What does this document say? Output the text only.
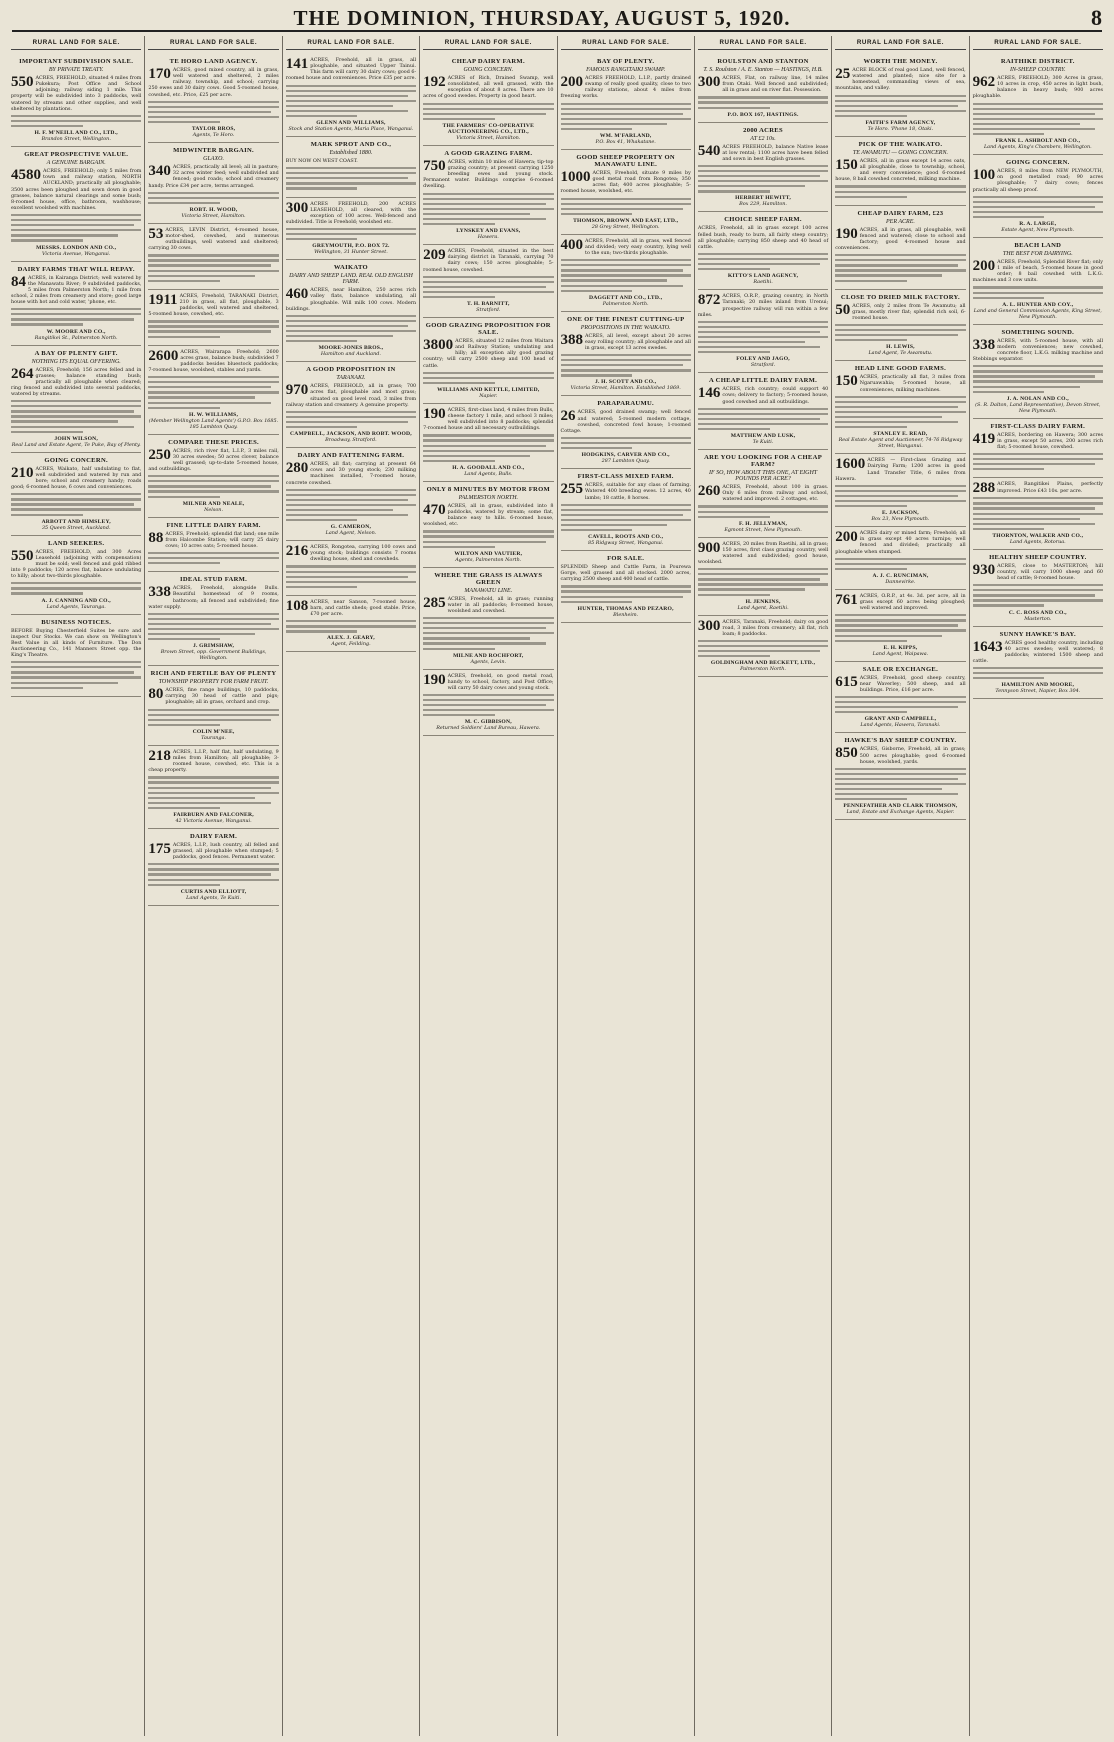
THE DOMINION, THURSDAY, AUGUST 5, 1920.	8
RURAL LAND FOR SALE.
IMPORTANT SUBDIVISION SALE.
BY PRIVATE TREATY.
550 ACRES, FREEHOLD, situated 4 miles from Pukekura; Post Office and School adjoining; railway siding 1 mile. This property will be subdivided into 3 paddocks, well watered by streams and other supplies, and well sheltered by plantations.
H. F. M'NEILL AND CO., LTD.,
Brandon Street, Wellington.
GREAT PROSPECTIVE VALUE.
A GENUINE BARGAIN.
4580 ACRES, FREEHOLD; only 5 miles from town and railway station, NORTH AUCKLAND; practically all ploughable; 3500 acres been ploughed and sown down in good grasses, balance natural clearings and some bush; 8-roomed house, office, bathroom, washhouse; excellent woolshed with machines.
MESSRS. LONDON AND CO.,
Victoria Avenue, Wanganui.
DAIRY FARMS THAT WILL REPAY.
84 ACRES, in Kairanga District; well watered by the Manawatu River; 9 subdivided paddocks, 5 miles from Palmerston North; 1 mile from school, 2 miles from creamery and store; good large house with hot and cold water, 'phone, etc.
W. MOORE AND CO.,
Rangitikei St., Palmerston North.
A BAY OF PLENTY GIFT.
NOTHING ITS EQUAL OFFERING.
264 ACRES, Freehold; 156 acres felled and in grasses; balance standing bush; practically all ploughable when cleared; ring fenced and subdivided into several paddocks, watered by streams.
JOHN WILSON,
Real Land and Estate Agent, Te Puke, Bay of Plenty.
GOING CONCERN.
210 ACRES, Waikato, half undulating to flat, well subdivided and watered by run and bore; school and creamery handy; roads good; 6-roomed house, 6 cows and conveniences.
ARBOTT AND HIMSLEY,
35 Queen Street, Auckland.
LAND SEEKERS.
550 ACRES, FREEHOLD, and 300 Acres Leasehold (adjoining with compensation) must be sold; well fenced and gold ribbed into 9 paddocks; 120 acres flat, balance undulating to hilly; about two-thirds ploughable.
A. J. CANNING AND CO.,
Land Agents, Tauranga.
BUSINESS NOTICES.
BEFORE Buying Chesterfield Suites be sure and inspect Our Stocks. We can show on Wellington's Best Value in all kinds of Furniture. The Don Auctioneering Co., 141 Manners Street opp. the King's Theatre.
RURAL LAND FOR SALE.
TE HORO LAND AGENCY.
170 ACRES, good mixed country, all in grass, well watered and sheltered, 2 miles railway, township, and school; carrying 250 ewes and 30 dairy cows. Good 5-roomed house, cowshed, etc. Price, £25 per acre.
TAYLOR BROS,
Agents, Te Horo.
MIDWINTER BARGAIN.
GLAXO.
340 ACRES, practically all level; all in pasture; 32 acres winter feed; well subdivided and fenced; good roads; school and creamery handy. Price £34 per acre, terms arranged.
ROBT. H. WOOD,
Victoria Street, Hamilton.
53 ACRES, LEVIN District, 4-roomed house, motor-shed, cowshed, and numerous outbuildings, well watered and sheltered; carrying 30 cows.
1911 ACRES, Freehold, TARANAKI District, 210 in grass, all flat, ploughable, 3 paddocks, well watered and sheltered, 5-roomed house, cowshed, etc.
2600 ACRES, Wairarapa Freehold; 2600 acres grass, balance bush; subdivided 7 paddocks besides bluestock paddocks; 7-roomed house, woolshed, stables and yards.
H. W. WILLIAMS,
(Member Wellington Land Agents') G.P.O. Box 1685. 185 Lambton Quay.
COMPARE THESE PRICES.
250 ACRES, rich river flat, L.I.P., 3 miles rail, 30 acres swedes; 50 acres clover, balance well grassed; up-to-date 5-roomed house, and outbuildings.
MILNER AND NEALE,
Nelson.
FINE LITTLE DAIRY FARM.
88 ACRES, Freehold; splendid flat land; one mile from Halcombe Station; will carry 25 dairy cows; 10 acres oats; 5-roomed house.
IDEAL STUD FARM.
338 ACRES, Freehold, alongside Bulls. Beautiful homestead of 9 rooms, bathroom; all fenced and subdivided; fine water supply.
J. GRIMSHAW,
Brown Street, opp. Government Buildings, Wellington.
RICH AND FERTILE BAY OF PLENTY
TOWNSHIP PROPERTY FOR FARM FRUIT.
80 ACRES, fine range buildings, 10 paddocks, carrying 30 head of cattle and pigs; ploughable; all in grass, orchard and crop.
COLIN M'NEE,
Tauranga.
218 ACRES, L.I.P., half flat, half undulating, 9 miles from Hamilton; all ploughable; 3-roomed house, cowshed, etc. This is a cheap property.
FAIRBURN AND FALCONER,
42 Victoria Avenue, Wanganui.
DAIRY FARM.
175 ACRES, L.I.P., lush country, all felled and grassed, all ploughable when stumped; 5 paddocks, good fences. Permanent water.
CURTIS AND ELLIOTT,
Land Agents, Te Kuiti.
RURAL LAND FOR SALE.
141 ACRES, Freehold, all in grass, all ploughable, and situated Upper Tainui. This farm will carry 30 dairy cows; good 6-roomed house and conveniences. Price £35 per acre.
GLENN AND WILLIAMS,
Stock and Station Agents, Maria Place, Wanganui.
MARK SPROT AND CO.,
Established 1880.
BUY NOW ON WEST COAST.
300 ACRES FREEHOLD, 200 ACRES LEASEHOLD, all cleared, with the exception of 100 acres. Well-fenced and subdivided. Title is Freehold; woolshed etc.
GREYMOUTH, P.O. BOX 72.
Wellington, 31 Hunter Street.
WAIKATO
DAIRY AND SHEEP LAND. REAL OLD ENGLISH FARM.
460 ACRES, near Hamilton, 250 acres rich valley flats, balance undulating, all ploughable. Will milk 100 cows. Modern buildings.
MOORE-JONES BROS.,
Hamilton and Auckland.
A GOOD PROPOSITION IN
TARANAKI.
970 ACRES, FREEHOLD, all in grass; 700 acres flat, ploughable and most grass; situated on good level road, 3 miles from railway station and creamery. A genuine property.
CAMPBELL, JACKSON, AND ROBT. WOOD,
Broadway, Stratford.
DAIRY AND FATTENING FARM.
280 ACRES, all flat; carrying at present 64 cows and 30 young stock; 230 milking machines installed, 7-roomed house, concrete cowshed.
G. CAMERON,
Land Agent, Nelson.
216 ACRES, Rongotea, carrying 100 cows and young stock; buildings consists 7 rooms dwelling house, shed and cowsheds.
108 ACRES, near Sanson, 7-roomed house, barn, and cattle sheds; good stable. Price, £70 per acre.
ALEX. J. GEARY,
Agent, Feilding.
RURAL LAND FOR SALE.
CHEAP DAIRY FARM.
GOING CONCERN.
192 ACRES of Rich, Drained Swamp, well consolidated, all well grassed, with the exception of about 8 acres. There are 10 acres of good swedes. Property in good heart.
THE FARMERS' CO-OPERATIVE AUCTIONEERING CO., LTD.,
Victoria Street, Hamilton.
A GOOD GRAZING FARM.
750 ACRES, within 10 miles of Hawera; tip-top grazing country; at present carrying 1250 breeding ewes and young stock. Permanent water. Buildings comprise 6-roomed dwelling.
LYNSKEY AND EVANS,
Hawera.
209 ACRES, Freehold, situated in the best dairying district in Taranaki, carrying 70 dairy cows; 150 acres ploughable; 5-roomed house, cowshed.
T. H. BARNITT,
Stratford.
GOOD GRAZING PROPOSITION FOR SALE.
3800 ACRES, situated 12 miles from Waitara and Railway Station; undulating and hilly; all exception ally good grazing country; will carry 2500 sheep and 100 head of cattle.
WILLIAMS AND KETTLE, LIMITED,
Napier.
190 ACRES, first-class land, 4 miles from Bulls, cheese factory 1 mile, and school 3 miles; well subdivided into 8 paddocks; splendid 7-roomed house and all necessary outbuildings.
H. A. GOODALL AND CO.,
Land Agents, Bulls.
ONLY 8 MINUTES BY MOTOR FROM
PALMERSTON NORTH.
470 ACRES, all in grass, subdivided into 8 paddocks, watered by stream; some flat, balance easy to hills. 6-roomed house, woolshed, etc.
WILTON AND VAUTIER,
Agents, Palmerston North.
WHERE THE GRASS IS ALWAYS GREEN
MANAWATU LINE.
285 ACRES, Freehold, all in grass; running water in all paddocks; 8-roomed house, woolshed and cowshed.
MILNE AND ROCHFORT,
Agents, Levin.
190 ACRES, freehold, on good metal road, handy to school, factory, and Post Office; will carry 50 dairy cows and young stock.
M. C. GIBBISON,
Returned Soldiers' Land Bureau, Hawera.
RURAL LAND FOR SALE.
BAY OF PLENTY.
FAMOUS RANGITAIKI SWAMP.
200 ACRES FREEHOLD, L.I.P., partly drained swamp of really good quality, close to two railway stations, about 4 miles from freezing works.
WM. M'FARLAND,
P.O. Box 41, Whakatane.
GOOD SHEEP PROPERTY ON MANAWATU LINE.
1000 ACRES, Freehold, situate 9 miles by good metal road from Rongotea; 350 acres flat; 400 acres ploughable; 5-roomed house, woolshed, etc.
THOMSON, BROWN AND EAST, LTD.,
28 Grey Street, Wellington.
400 ACRES, Freehold, all in grass, well fenced and divided; very easy country, lying well to the sun; two-thirds ploughable.
DAGGETT AND CO., LTD.,
Palmerston North.
ONE OF THE FINEST CUTTING-UP
PROPOSITIONS IN THE WAIKATO.
388 ACRES, all level, except about 20 acres easy rolling country; all ploughable and all in grass, except 13 acres swedes.
J. H. SCOTT AND CO.,
Victoria Street, Hamilton. Established 1869.
PARAPARAUMU.
26 ACRES, good drained swamp; well fenced and watered; 5-roomed modern cottage, cowshed, concreted fowl house; 1-roomed Cottage.
HODGKINS, CARVER AND CO.,
287 Lambton Quay.
FIRST-CLASS MIXED FARM.
255 ACRES, suitable for any class of farming. Watered 400 breeding ewes. 12 acres, 40 lambs; 18 cattle, 8 horses.
CAVELL, ROOTS AND CO.,
85 Ridgway Street, Wanganui.
FOR SALE.
SPLENDID Sheep and Cattle Farm, in Pourewa Gorge, well grassed and all stocked. 2000 acres, carrying 2500 sheep and 400 head of cattle.
HUNTER, THOMAS AND PEZARO,
Blenheim.
RURAL LAND FOR SALE.
ROULSTON AND STANTON
T. S. Roulston / A. E. Stanton — HASTINGS, H.B.
300 ACRES, Flat, on railway line, 14 miles from Otaki. Well fenced and subdivided; all in grass and on river flat. Possession.
P.O. BOX 167, HASTINGS.
2000 ACRES
AT £2 10s.
540 ACRES FREEHOLD, balance Native lease at low rental; 1100 acres have been felled and sown in best English grasses.
HERBERT HEWITT,
Box 229, Hamilton.
CHOICE SHEEP FARM.
ACRES, Freehold, all in grass except 100 acres felled bush, ready to burn, all fairly steep country; all ploughable; carrying 850 sheep and 40 head of cattle.
KITTO'S LAND AGENCY,
Raetihi.
872 ACRES, O.R.P., grazing country, in North Taranaki; 20 miles inland from Urenui; prospective railway will run within a few miles.
FOLEY AND JAGO,
Stratford.
A CHEAP LITTLE DAIRY FARM.
146 ACRES, rich country; could support 40 cows; delivery to factory; 5-roomed house, good cowshed and all outbuildings.
MATTHEW AND LUSK,
Te Kuiti.
ARE YOU LOOKING FOR A CHEAP FARM?
IF SO, HOW ABOUT THIS ONE, AT EIGHT POUNDS PER ACRE?
260 ACRES, Freehold, about 100 in grass. Only 6 miles from railway and school, watered and improved. 2 cottages, etc.
F. H. JELLYMAN,
Egmont Street, New Plymouth.
900 ACRES, 20 miles from Raetihi, all in grass; 150 acres, first class grazing country, well watered and subdivided; good house, woolshed.
H. JENKINS,
Land Agent, Raetihi.
300 ACRES, Taranaki, Freehold; dairy on good road, 3 miles from creamery; all flat, rich loam; 8 paddocks.
GOLDINGHAM AND BECKETT, LTD.,
Palmerston North.
RURAL LAND FOR SALE.
WORTH THE MONEY.
25 ACRE BLOCK of real good Land, well fenced, watered and planted; nice site for a homestead, commanding views of sea, mountains, and valley.
FAITH'S FARM AGENCY,
Te Horo. 'Phone 18, Otaki.
PICK OF THE WAIKATO.
TE AWAMUTU — GOING CONCERN.
150 ACRES, all in grass except 14 acres oats, all ploughable, close to township, school, and every convenience; good 6-roomed house, 8 bail cowshed concreted, milking machine.
CHEAP DAIRY FARM, £23
PER ACRE.
190 ACRES, all in grass, all ploughable, well fenced and watered; close to school and factory; good 4-roomed house and conveniences.
CLOSE TO DRIED MILK FACTORY.
50 ACRES, only 2 miles from Te Awamutu; all grass, mostly river flat; splendid rich soil, 6-roomed house.
H. LEWIS,
Land Agent, Te Awamutu.
HEAD LINE GOOD FARMS.
150 ACRES, practically all flat, 3 miles from Ngaruawahia; 5-roomed house, all conveniences, milking machines.
STANLEY E. READ,
Real Estate Agent and Auctioneer, 74-76 Ridgway Street, Wanganui.
1600 ACRES — First-class Grazing and Dairying Farm; 1200 acres in good Land Transfer Title, 6 miles from Hawera.
E. JACKSON,
Box 23, New Plymouth.
200 ACRES dairy or mixed farm; Freehold; all in grass except 40 acres turnips; well fenced and divided; practically all ploughable when stumped.
A. J. C. RUNCIMAN,
Dannevirke.
761 ACRES, O.R.P., at 4s. 3d. per acre, all in grass except 60 acres being ploughed; well watered and improved.
E. H. KIPPS,
Land Agent, Waipawa.
SALE OR EXCHANGE.
615 ACRES, Freehold, good sheep country, near Waverley; 500 sheep, and all buildings. Price, £16 per acre.
GRANT AND CAMPBELL,
Land Agents, Hawera, Taranaki.
HAWKE'S BAY SHEEP COUNTRY.
850 ACRES, Gisborne, Freehold, all in grass; 500 acres ploughable; good 6-roomed house, woolshed, yards.
PENNEFATHER AND CLARK THOMSON,
Land, Estate and Exchange Agents, Napier.
RURAL LAND FOR SALE.
RAITHIKE DISTRICT.
IN-SHEEP COUNTRY.
962 ACRES, FREEHOLD; 300 Acres in grass, 10 acres in crop, 450 acres in light bush, balance in heavy bush; 900 acres ploughable.
FRANK L. ASHBOLT AND CO.,
Land Agents, King's Chambers, Wellington.
GOING CONCERN.
100 ACRES, 8 miles from NEW PLYMOUTH, on good metalled road; 90 acres ploughable; 7 dairy cows; fences practically all sheep proof.
R. A. LARGE,
Estate Agent, New Plymouth.
BEACH LAND
THE BEST FOR DAIRYING.
200 ACRES, Freehold, Splendid River flat; only 1 mile of beach, 5-roomed house in good order; 8 bail cowshed with L.K.G. machines and 3 cow units.
A. L. HUNTER AND COY.,
Land and General Commission Agents, King Street, New Plymouth.
SOMETHING SOUND.
338 ACRES, with 5-roomed house, with all modern conveniences; new cowshed, concrete floor, L.K.G. milking machine and Stebbings separator.
J. A. NOLAN AND CO.,
(S. R. Dalton, Land Representative), Devon Street, New Plymouth.
FIRST-CLASS DAIRY FARM.
419 ACRES, bordering on Hawera; 300 acres in grass, except 50 acres, 200 acres rich flat; 5-roomed house, cowshed.
288 ACRES, Rangitikei Plains, perfectly improved. Price £43 10s. per acre.
THORNTON, WALKER AND CO.,
Land Agents, Rotorua.
HEALTHY SHEEP COUNTRY.
930 ACRES, close to MASTERTON; hill country, will carry 1000 sheep and 60 head of cattle; 8-roomed house.
C. C. ROSS AND CO.,
Masterton.
SUNNY HAWKE'S BAY.
1643 ACRES good healthy country, including 40 acres swedes; well watered; 8 paddocks; wintered 1500 sheep and cattle.
HAMILTON AND MOORE,
Tennyson Street, Napier, Box 304.
